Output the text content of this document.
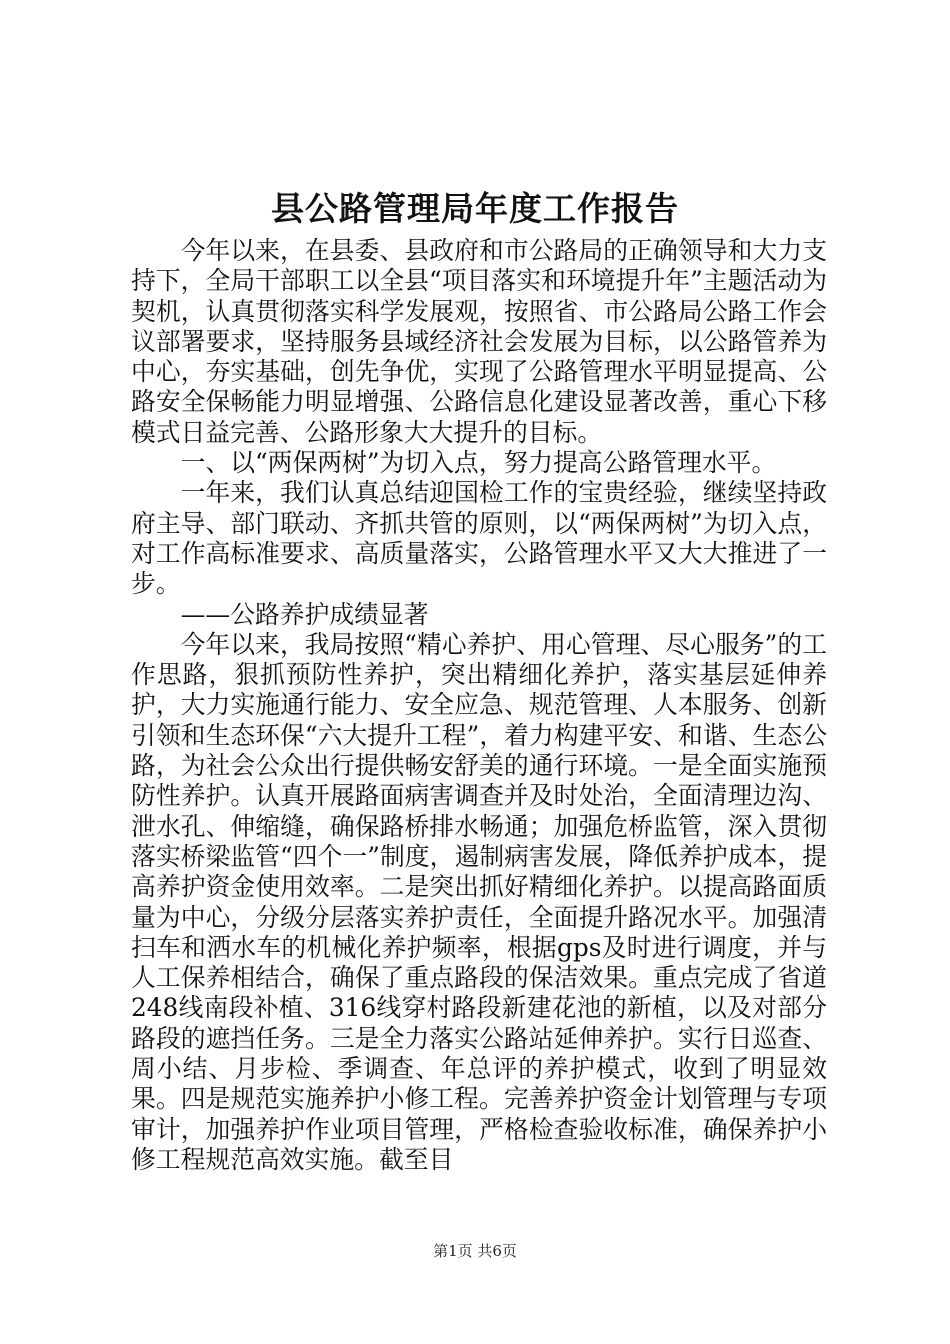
县公路管理局年度工作报告

今年以来，在县委、县政府和市公路局的正确领导和大力支持下，全局干部职工以全县“项目落实和环境提升年”主题活动为契机，认真贯彻落实科学发展观，按照省、市公路局公路工作会议部署要求，坚持服务县域经济社会发展为目标，以公路管养为中心，夯实基础，创先争优，实现了公路管理水平明显提高、公路安全保畅能力明显增强、公路信息化建设显著改善，重心下移模式日益完善、公路形象大大提升的目标。

一、以“两保两树”为切入点，努力提高公路管理水平。

一年来，我们认真总结迎国检工作的宝贵经验，继续坚持政府主导、部门联动、齐抓共管的原则，以“两保两树”为切入点，对工作高标准要求、高质量落实，公路管理水平又大大推进了一步。

——公路养护成绩显著

今年以来，我局按照“精心养护、用心管理、尽心服务”的工作思路，狠抓预防性养护，突出精细化养护，落实基层延伸养护，大力实施通行能力、安全应急、规范管理、人本服务、创新引领和生态环保“六大提升工程”，着力构建平安、和谐、生态公路，为社会公众出行提供畅安舒美的通行环境。一是全面实施预防性养护。认真开展路面病害调查并及时处治，全面清理边沟、泄水孔、伸缩缝，确保路桥排水畅通；加强危桥监管，深入贯彻落实桥梁监管“四个一”制度，遏制病害发展，降低养护成本，提高养护资金使用效率。二是突出抓好精细化养护。以提高路面质量为中心，分级分层落实养护责任，全面提升路况水平。加强清扫车和洒水车的机械化养护频率，根据gps及时进行调度，并与人工保养相结合，确保了重点路段的保洁效果。重点完成了省道248线南段补植、316线穿村路段新建花池的新植，以及对部分路段的遮挡任务。三是全力落实公路站延伸养护。实行日巡查、周小结、月步检、季调查、年总评的养护模式，收到了明显效果。四是规范实施养护小修工程。完善养护资金计划管理与专项审计，加强养护作业项目管理，严格检查验收标准，确保养护小修工程规范高效实施。截至目

第1页 共6页
